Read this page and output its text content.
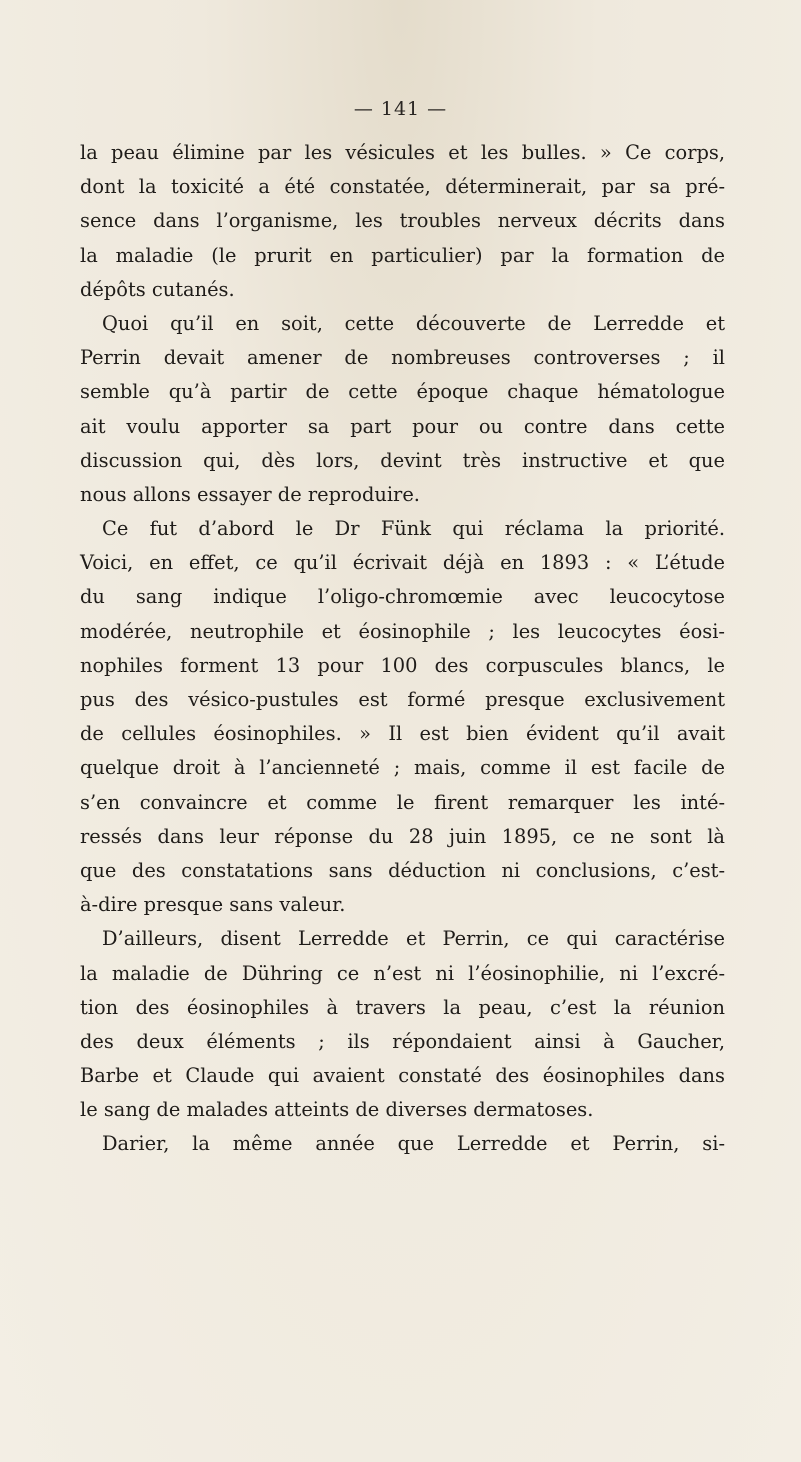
— 141 —
la peau élimine par les vésicules et les bulles. » Ce corps,
dont la toxicité a été constatée, déterminerait, par sa pré-
sence dans l’organisme, les troubles nerveux décrits dans
la maladie (le prurit en particulier) par la formation de
dépôts cutanés.
Quoi qu’il en soit, cette découverte de Lerredde et
Perrin devait amener de nombreuses controverses ; il
semble qu’à partir de cette époque chaque hématologue
ait voulu apporter sa part pour ou contre dans cette
discussion qui, dès lors, devint très instructive et que
nous allons essayer de reproduire.
Ce fut d’abord le Dr Fünk qui réclama la priorité.
Voici, en effet, ce qu’il écrivait déjà en 1893 : « L’étude
du sang indique l’oligo-chromœmie avec leucocytose
modérée, neutrophile et éosinophile ; les leucocytes éosi-
nophiles forment 13 pour 100 des corpuscules blancs, le
pus des vésico-pustules est formé presque exclusivement
de cellules éosinophiles. » Il est bien évident qu’il avait
quelque droit à l’ancienneté ; mais, comme il est facile de
s’en convaincre et comme le firent remarquer les inté-
ressés dans leur réponse du 28 juin 1895, ce ne sont là
que des constatations sans déduction ni conclusions, c’est-
à-dire presque sans valeur.
D’ailleurs, disent Lerredde et Perrin, ce qui caractérise
la maladie de Dühring ce n’est ni l’éosinophilie, ni l’excré-
tion des éosinophiles à travers la peau, c’est la réunion
des deux éléments ; ils répondaient ainsi à Gaucher,
Barbe et Claude qui avaient constaté des éosinophiles dans
le sang de malades atteints de diverses dermatoses.
Darier, la même année que Lerredde et Perrin, si-
